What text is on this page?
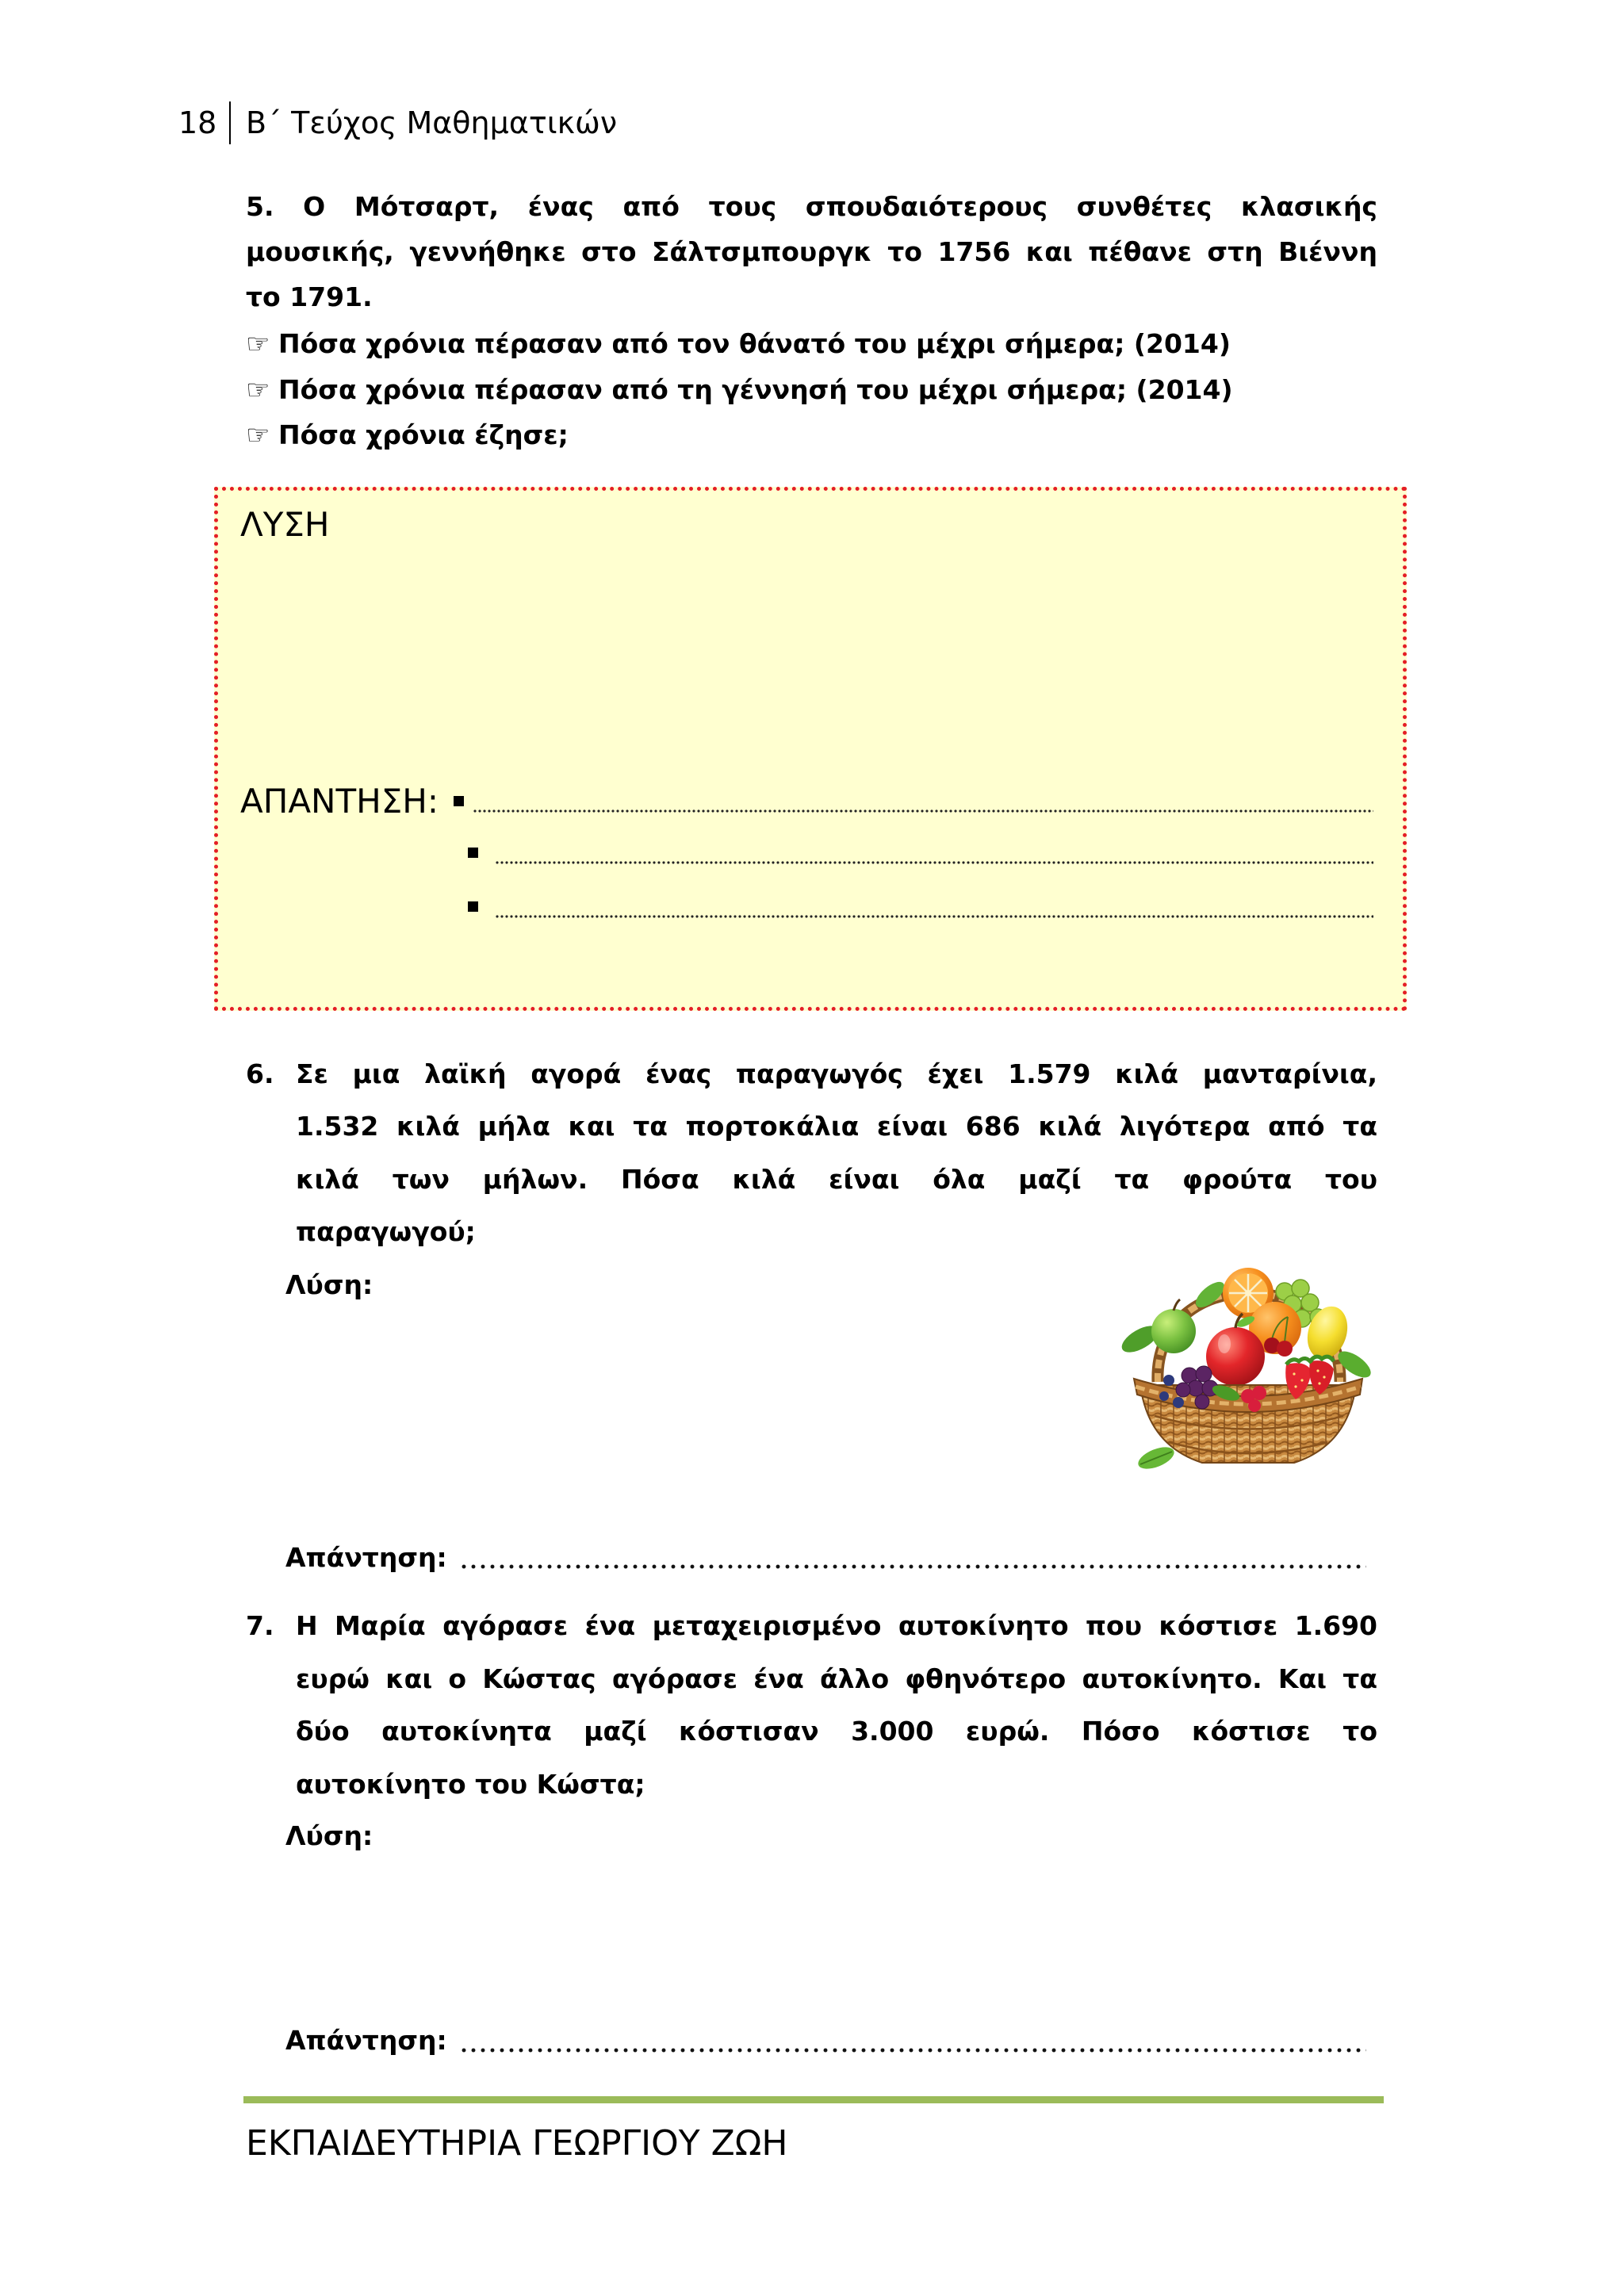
18 Β΄ Τεύχος Μαθηματικών
5. Ο Μότσαρτ, ένας από τους σπουδαιότερους συνθέτες κλασικής
μουσικής, γεννήθηκε στο Σάλτσμπουργκ το 1756 και πέθανε στη Βιέννη
το 1791.
☞Πόσα χρόνια πέρασαν από τον θάνατό του μέχρι σήμερα; (2014)
☞Πόσα χρόνια πέρασαν από τη γέννησή του μέχρι σήμερα; (2014)
☞Πόσα χρόνια έζησε;
ΛΥΣΗ
ΑΠΑΝΤΗΣΗ:
6. Σε μια λαϊκή αγορά ένας παραγωγός έχει 1.579 κιλά μανταρίνια,
1.532 κιλά μήλα και τα πορτοκάλια είναι 686 κιλά λιγότερα από τα
κιλά των μήλων. Πόσα κιλά είναι όλα μαζί τα φρούτα του
παραγωγού;
Λύση:
Απάντηση:
7. Η Μαρία αγόρασε ένα μεταχειρισμένο αυτοκίνητο που κόστισε 1.690
ευρώ και ο Κώστας αγόρασε ένα άλλο φθηνότερο αυτοκίνητο. Και τα
δύο αυτοκίνητα μαζί κόστισαν 3.000 ευρώ. Πόσο κόστισε το
αυτοκίνητο του Κώστα;
Λύση:
Απάντηση:
ΕΚΠΑΙΔΕΥΤΗΡΙΑ ΓΕΩΡΓΙΟΥ ΖΩΗ
